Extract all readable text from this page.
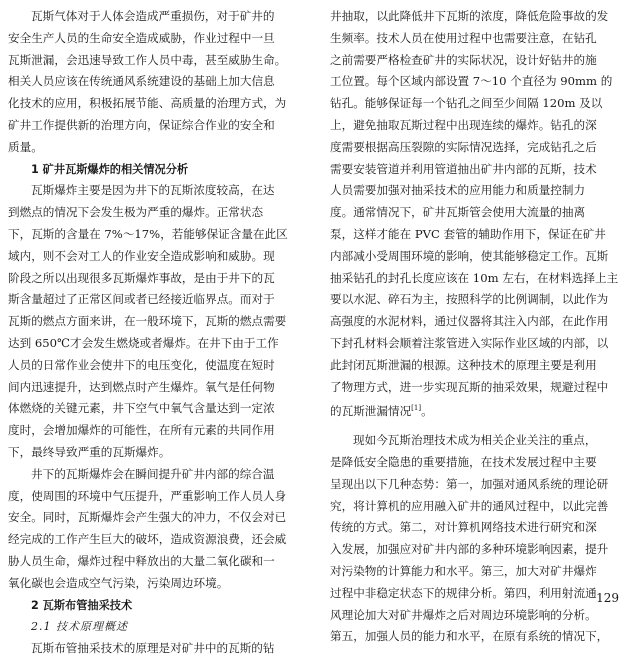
瓦斯气体对于人体会造成严重损伤，对于矿井的
安全生产人员的生命安全造成威胁，作业过程中一旦
瓦斯泄漏，会迅速导致工作人员中毒，甚至威胁生命。
相关人员应该在传统通风系统建设的基础上加大信息
化技术的应用，积极拓展节能、高质量的治理方式，为
矿井工作提供新的治理方向，保证综合作业的安全和
质量。
1 矿井瓦斯爆炸的相关情况分析
瓦斯爆炸主要是因为井下的瓦斯浓度较高，在达
到燃点的情况下会发生极为严重的爆炸。正常状态
下，瓦斯的含量在 7%～17%，若能够保证含量在此区
域内，则不会对工人的作业安全造成影响和威胁。现
阶段之所以出现很多瓦斯爆炸事故，是由于井下的瓦
斯含量超过了正常区间或者已经接近临界点。而对于
瓦斯的燃点方面来讲，在一般环境下，瓦斯的燃点需要
达到 650℃才会发生燃烧或者爆炸。在井下由于工作
人员的日常作业会使井下的电压变化，使温度在短时
间内迅速提升，达到燃点时产生爆炸。氧气是任何物
体燃烧的关键元素，井下空气中氧气含量达到一定浓
度时，会增加爆炸的可能性，在所有元素的共同作用
下，最终导致严重的瓦斯爆炸。
井下的瓦斯爆炸会在瞬间提升矿井内部的综合温
度，使周围的环境中气压提升，严重影响工作人员人身
安全。同时，瓦斯爆炸会产生强大的冲力，不仅会对已
经完成的工作产生巨大的破坏，造成资源浪费，还会威
胁人员生命，爆炸过程中释放出的大量二氧化碳和一
氧化碳也会造成空气污染，污染周边环境。
2 瓦斯布管抽采技术
2.1 技术原理概述
瓦斯布管抽采技术的原理是对矿井中的瓦斯的钻
井抽取，以此降低井下瓦斯的浓度，降低危险事故的发
生频率。技术人员在使用过程中也需要注意，在钻孔
之前需要严格检查矿井的实际状况，设计好钻井的施
工位置。每个区域内部设置 7～10 个直径为 90mm 的
钻孔。能够保证每一个钻孔之间至少间隔 120m 及以
上，避免抽取瓦斯过程中出现连续的爆炸。钻孔的深
度需要根据高压裂隙的实际情况选择，完成钻孔之后
需要安装管道并利用管道抽出矿井内部的瓦斯，技术
人员需要加强对抽采技术的应用能力和质量控制力
度。通常情况下，矿井瓦斯管会使用大流量的抽离
泵，这样才能在 PVC 套管的辅助作用下，保证在矿井
内部减小受周围环境的影响，使其能够稳定工作。瓦斯
抽采钻孔的封孔长度应该在 10m 左右，在材料选择上主
要以水泥、碎石为主，按照科学的比例调制，以此作为
高强度的水泥材料，通过仪器将其注入内部，在此作用
下封孔材料会顺着注浆管进入实际作业区域的内部，以
此封闭瓦斯泄漏的根源。这种技术的原理主要是利用
了物理方式，进一步实现瓦斯的抽采效果，规避过程中
的瓦斯泄漏情况[1]。
现如今瓦斯治理技术成为相关企业关注的重点，
是降低安全隐患的重要措施，在技术发展过程中主要
呈现出以下几种态势：第一，加强对通风系统的理论研
究，将计算机的应用融入矿井的通风过程中，以此完善
传统的方式。第二，对计算机网络技术进行研究和深
入发展，加强应对矿井内部的多种环境影响因素，提升
对污染物的计算能力和水平。第三，加大对矿井爆炸
过程中非稳定状态下的规律分析。第四，利用射流通
风理论加大对矿井爆炸之后对周边环境影响的分析。
第五，加强人员的能力和水平，在原有系统的情况下，
129
